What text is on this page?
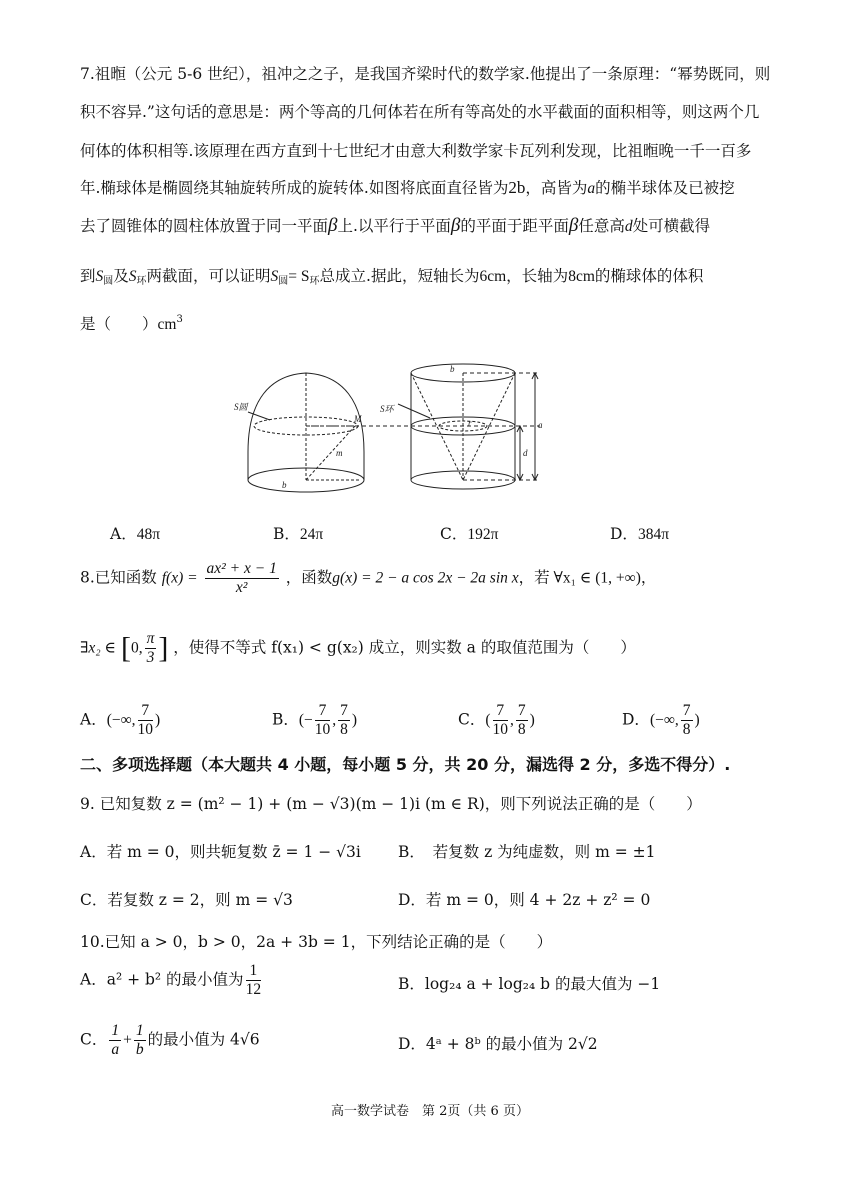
7.祖暅（公元 5-6 世纪），祖冲之之子，是我国齐梁时代的数学家.他提出了一条原理：“幂势既同，则
积不容异.”这句话的意思是：两个等高的几何体若在所有等高处的水平截面的面积相等，则这两个几
何体的体积相等.该原理在西方直到十七世纪才由意大利数学家卡瓦列利发现，比祖暅晚一千一百多
年.椭球体是椭圆绕其轴旋转所成的旋转体.如图将底面直径皆为2b，高皆为a的椭半球体及已被挖
去了圆锥体的圆柱体放置于同一平面β上.以平行于平面β的平面于距平面β任意高d处可横截得
到$S_圆$及$S_环$两截面，可以证明$S_圆= S_环$总成立.据此，短轴长为6cm，长轴为8cm的椭球体的体积
是（　　）$cm^3$
S圆	S环
M
m
b
b
r	a
d
A．48π	B．24π	C．192π	D．384π
8.已知函数 $f(x) = \frac{\text{ax² + x − 1}}{\text{x²}}$ ，函数g(x) = 2 − a cos 2x − 2a sin x，若 ∀x₁ ∈ (1, +∞)，
∃x₂ ∈ [0, $\frac{\pi}{3}$ ] ，使得不等式 f(x₁) < g(x₂) 成立，则实数 a 的取值范围为（　　）
A．(−∞, $\frac{7}{10}$ )	B．(− $\frac{7}{10}$ , $\frac{7}{8}$ )	C．( $\frac{7}{10}$ , $\frac{7}{8}$ )	D．(−∞, $\frac{7}{8}$ )
二、多项选择题（本大题共 4 小题，每小题 5 分，共 20 分，漏选得 2 分，多选不得分）.
9. 已知复数 z = (m² − 1) + (m − √3)(m − 1)i (m ∈ R)，则下列说法正确的是（　　）
A．若 m = 0，则共轭复数 z̄ = 1 − √3i B．　若复数 z 为纯虚数，则 m = ±1
C．若复数 z = 2，则 m = √3	D．若 m = 0，则 4 + 2z + z² = 0
10.已知 a > 0，b > 0，2a + 3b = 1，下列结论正确的是（　　）
A．a² + b² 的最小值为 $\frac{1}{12}$	B．log₂₄ a + log₂₄ b 的最大值为 −1
C． $\frac{1}{a} + \frac{1}{b}$ 的最小值为 4√6	D．4ᵃ + 8ᵇ 的最小值为 2√2
高一数学试卷　第 2页（共 6 页）
